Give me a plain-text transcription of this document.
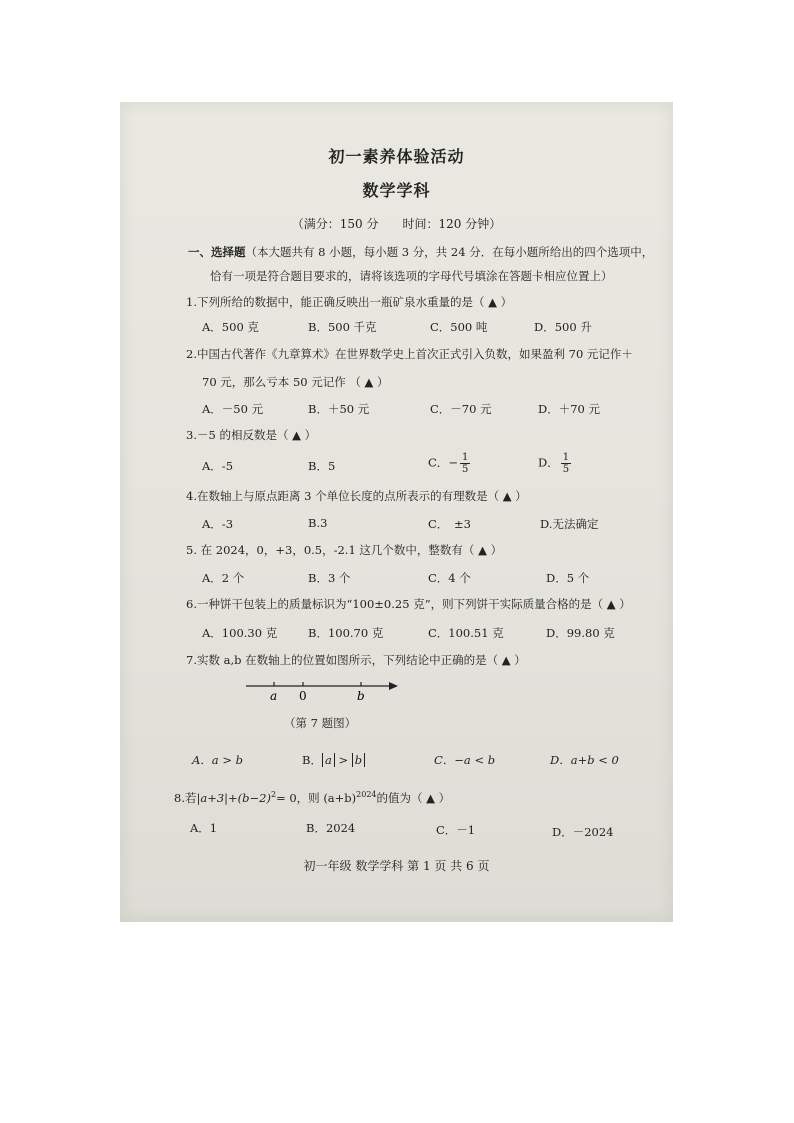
初一素养体验活动
数学学科
（满分：150 分　　时间：120 分钟）
一、选择题（本大题共有 8 小题，每小题 3 分，共 24 分．在每小题所给出的四个选项中，
恰有一项是符合题目要求的，请将该选项的字母代号填涂在答题卡相应位置上）
1.下列所给的数据中，能正确反映出一瓶矿泉水重量的是（ ▲ ）
A．500 克	B．500 千克	C．500 吨	D．500 升
2.中国古代著作《九章算术》在世界数学史上首次正式引入负数，如果盈利 70 元记作＋
70 元，那么亏本 50 元记作 （ ▲ ）
A．－50 元	B．＋50 元	C．－70 元	D．＋70 元
3.－5 的相反数是（ ▲ ）
A．-5	B．5	C．− $\frac{1}{5}$	D． $\frac{1}{5}$
4.在数轴上与原点距离 3 个单位长度的点所表示的有理数是（ ▲ ）
A．-3	B.3	C．　±3	D.无法确定
5. 在 2024，0，+3，0.5，-2.1 这几个数中，整数有（ ▲ ）
A．2 个	B．3 个	C．4 个	D．5 个
6.一种饼干包装上的质量标识为“100±0.25 克”，则下列饼干实际质量合格的是（ ▲ ）
A．100.30 克	B．100.70 克	C．100.51 克	D．99.80 克
7.实数 a,b 在数轴上的位置如图所示，下列结论中正确的是（ ▲ ）
a 0	b
（第 7 题图）
A．a > b	B． a > b	C．−a < b	D．a+b < 0
8.若$|a+3|+(b-2)^2= 0$，则 $(a+b)^{2024}$的值为（ ▲ ）
A．1	B．2024	C．－1	D．－2024
初一年级 数学学科 第 1 页 共 6 页
